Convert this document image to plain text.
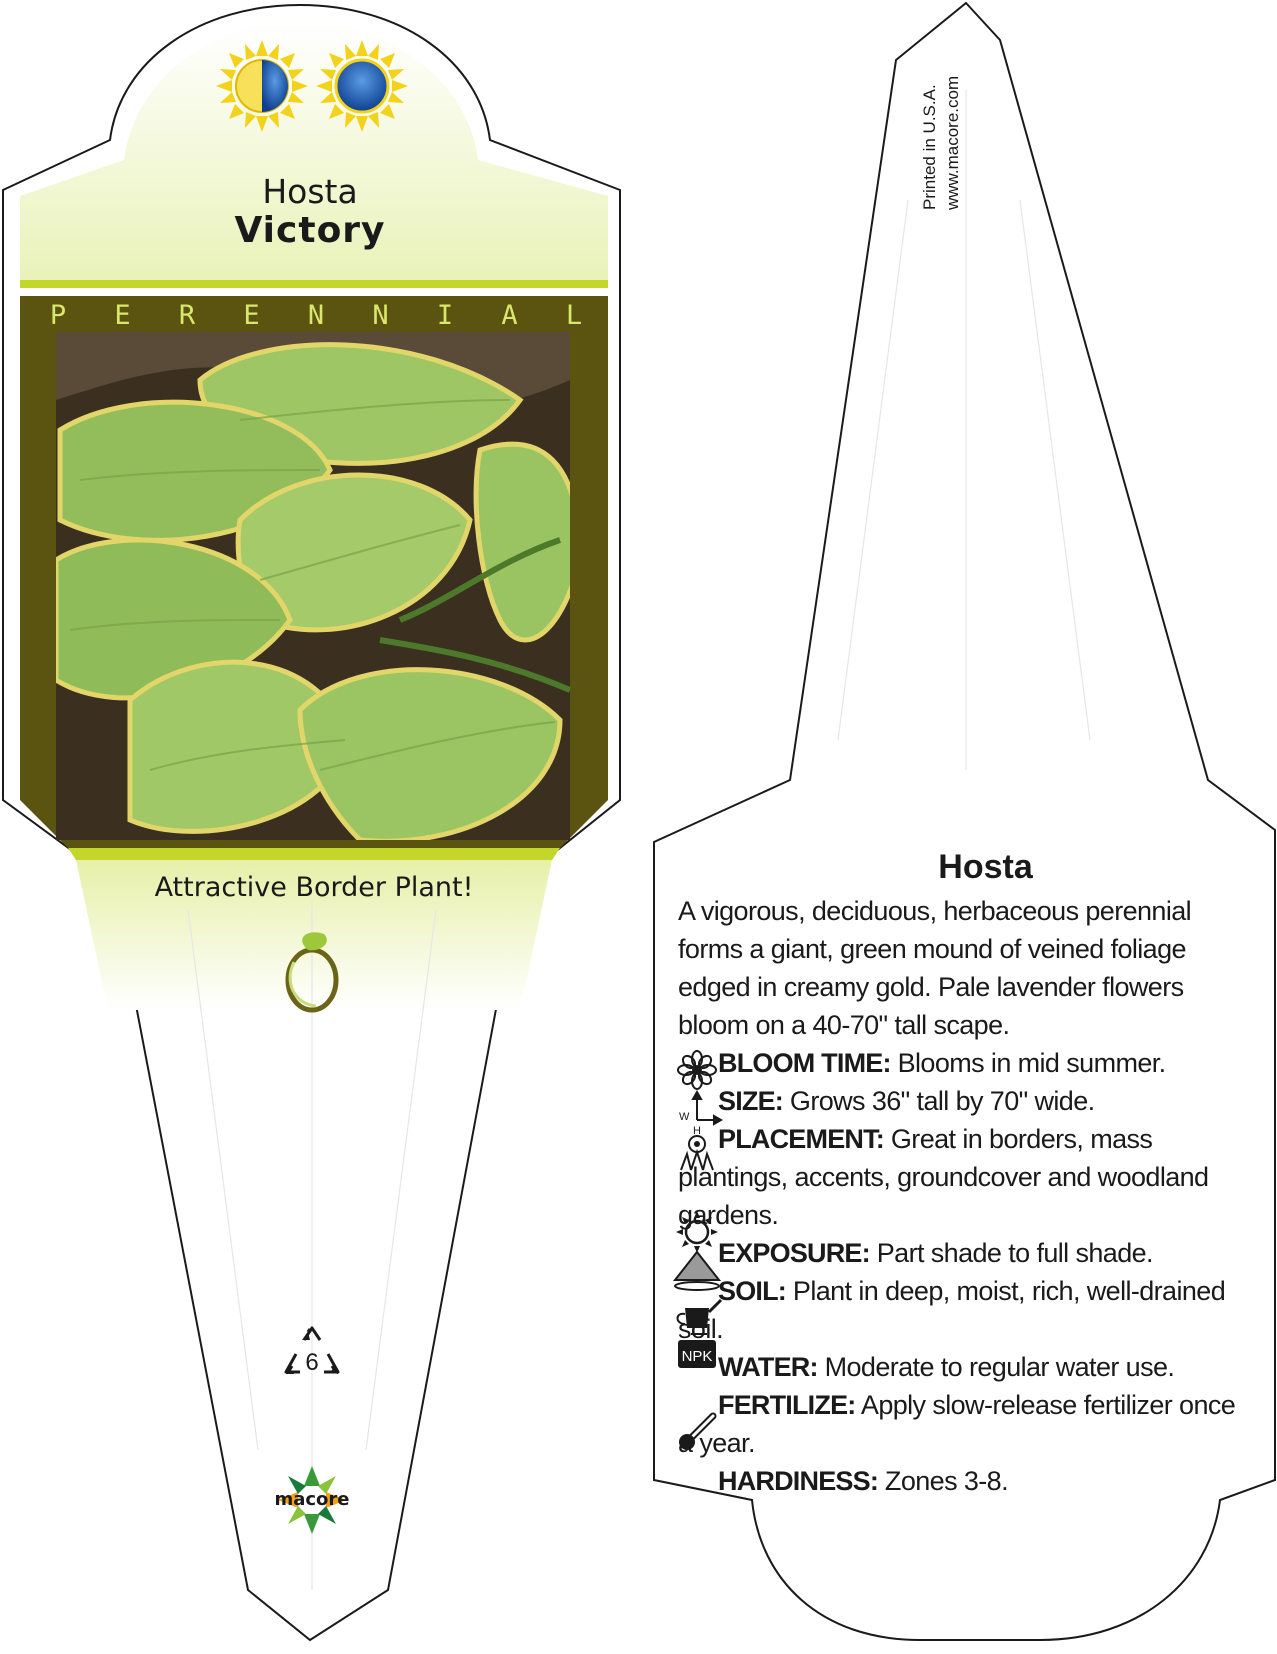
6
macore
W
H
NPK
Hosta
Victory
P E R E N N I A L
Attractive Border Plant!
Printed in U.S.A. www.macore.com
Hosta
A vigorous, deciduous, herbaceous perennial forms a giant, green mound of veined foliage edged in creamy gold. Pale lavender flowers bloom on a 40-70" tall scape.
BLOOM TIME: Blooms in mid summer.
SIZE: Grows 36" tall by 70" wide.
PLACEMENT: Great in borders, mass plantings, accents, groundcover and woodland gardens.
EXPOSURE: Part shade to full shade.
SOIL: Plant in deep, moist, rich, well-drained soil.
WATER: Moderate to regular water use.
FERTILIZE: Apply slow-release fertilizer once a year.
HARDINESS: Zones 3-8.
